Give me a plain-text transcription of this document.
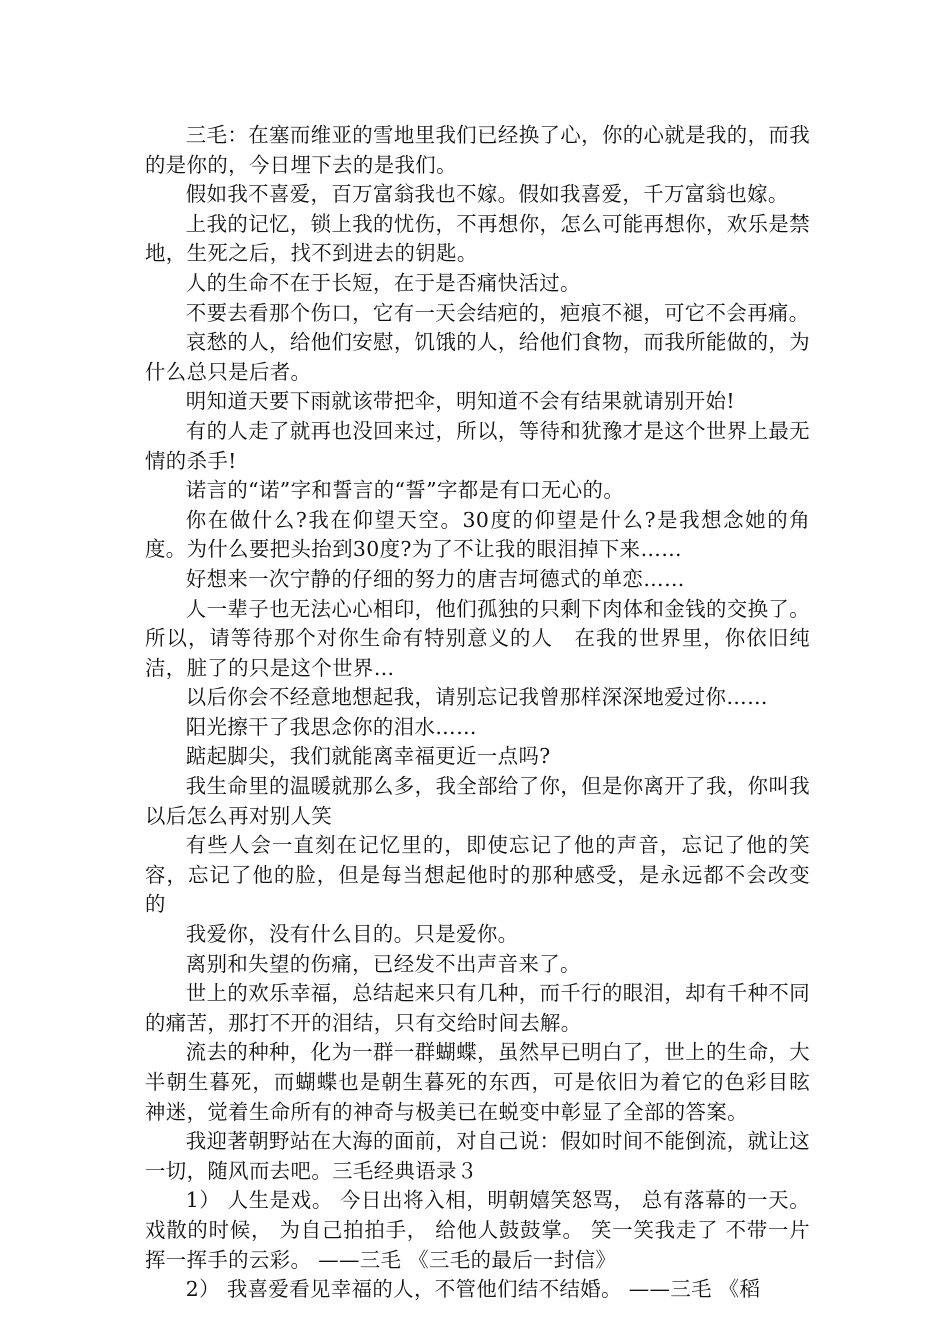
三毛：在塞而维亚的雪地里我们已经换了心，你的心就是我的，而我的是你的，今日埋下去的是我们。

假如我不喜爱，百万富翁我也不嫁。假如我喜爱，千万富翁也嫁。

上我的记忆，锁上我的忧伤，不再想你，怎么可能再想你，欢乐是禁地，生死之后，找不到进去的钥匙。

人的生命不在于长短，在于是否痛快活过。

不要去看那个伤口，它有一天会结疤的，疤痕不褪，可它不会再痛。

哀愁的人，给他们安慰，饥饿的人，给他们食物，而我所能做的，为什么总只是后者。

明知道天要下雨就该带把伞，明知道不会有结果就请别开始!

有的人走了就再也没回来过，所以，等待和犹豫才是这个世界上最无情的杀手!

诺言的“诺”字和誓言的“誓”字都是有口无心的。

你在做什么?我在仰望天空。30度的仰望是什么?是我想念她的角度。为什么要把头抬到30度?为了不让我的眼泪掉下来……

好想来一次宁静的仔细的努力的唐吉坷德式的单恋……

人一辈子也无法心心相印，他们孤独的只剩下肉体和金钱的交换了。所以，请等待那个对你生命有特别意义的人　在我的世界里，你依旧纯洁，脏了的只是这个世界…

以后你会不经意地想起我，请别忘记我曾那样深深地爱过你……

阳光擦干了我思念你的泪水……

踮起脚尖，我们就能离幸福更近一点吗?

我生命里的温暖就那么多，我全部给了你，但是你离开了我，你叫我以后怎么再对别人笑

有些人会一直刻在记忆里的，即使忘记了他的声音，忘记了他的笑容，忘记了他的脸，但是每当想起他时的那种感受，是永远都不会改变的

我爱你，没有什么目的。只是爱你。

离别和失望的伤痛，已经发不出声音来了。

世上的欢乐幸福，总结起来只有几种，而千行的眼泪，却有千种不同的痛苦，那打不开的泪结，只有交给时间去解。

流去的种种，化为一群一群蝴蝶，虽然早已明白了，世上的生命，大半朝生暮死，而蝴蝶也是朝生暮死的东西，可是依旧为着它的色彩目眩神迷，觉着生命所有的神奇与极美已在蜕变中彰显了全部的答案。

我迎著朝野站在大海的面前，对自己说：假如时间不能倒流，就让这一切，随风而去吧。三毛经典语录３

1） 人生是戏。 今日出将入相，明朝嬉笑怒骂， 总有落幕的一天。 戏散的时候， 为自己拍拍手， 给他人鼓鼓掌。 笑一笑我走了 不带一片挥一挥手的云彩。 ——三毛 《三毛的最后一封信》

2） 我喜爱看见幸福的人，不管他们结不结婚。 ——三毛 《稻
